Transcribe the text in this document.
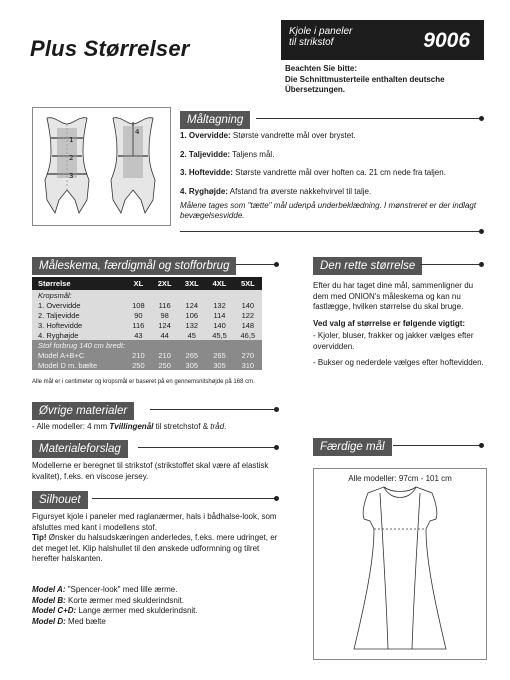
Plus Størrelser
Kjole i paneler
til strikstof	9006
Beachten Sie bitte:
Die Schnittmusterteile enthalten deutsche
Übersetzungen.
Måltagning
1
2
3
4	1. Overvidde: Største vandrette mål over brystet.
2. Taljevidde: Taljens mål.
3. Hoftevidde: Største vandrette mål over hoften ca. 21 cm nede fra taljen.
4. Ryghøjde: Afstand fra øverste nakkehvirvel til talje.
Målene tages som "tætte" mål udenpå underbeklædning. I mønstreret er der indlagt bevægelsesvidde.
Måleskema, færdigmål og stofforbrug
Størrelse	XL	2XL	3XL	4XL	5XL
Kropsmål:					
1. Overvidde	108	116	124	132	140
2. Taljevidde	90	98	106	114	122
3. Hoftevidde	116	124	132	140	148
4. Ryghøjde	43	44	45	45,5	46,5
Stof forbrug 140 cm bredt:					
Model A+B+C	210	210	265	265	270
Model D m. bælte	250	250	305	305	310
Alle mål er i centimeter og kropsmål er baseret på en gennemsnitshøjde på 168 cm.
Øvrige materialer
- Alle modeller: 4 mm Tvillingenål til stretchstof & tråd.
Materialeforslag
Modellerne er beregnet til strikstof (strikstoffet skal være af elastisk kvalitet), f.eks. en viscose jersey.
Silhouet
Figursyet kjole i paneler med raglanærmer, hals i bådhalse-look, som afsluttes med kant i modellens stof.
Tip! Ønsker du halsudskæringen anderledes, f.eks. mere udringet, er det meget let. Klip halshullet til den ønskede udformning og tilret herefter halskanten.
Model A: "Spencer-look" med lille ærme.
Model B: Korte ærmer med skulderindsnit.
Model C+D: Lange ærmer med skulderindsnit.
Model D: Med bælte
Den rette størrelse
Efter du har taget dine mål, sammenligner du dem med ONION's måleskema og kan nu fastlægge, hvilken størrelse du skal bruge.
Ved valg af størrelse er følgende vigtigt:
- Kjoler, bluser, frakker og jakker vælges efter overvidden.
- Bukser og nederdele vælges efter hoftevidden.
Færdige mål
Alle modeller: 97cm - 101 cm
